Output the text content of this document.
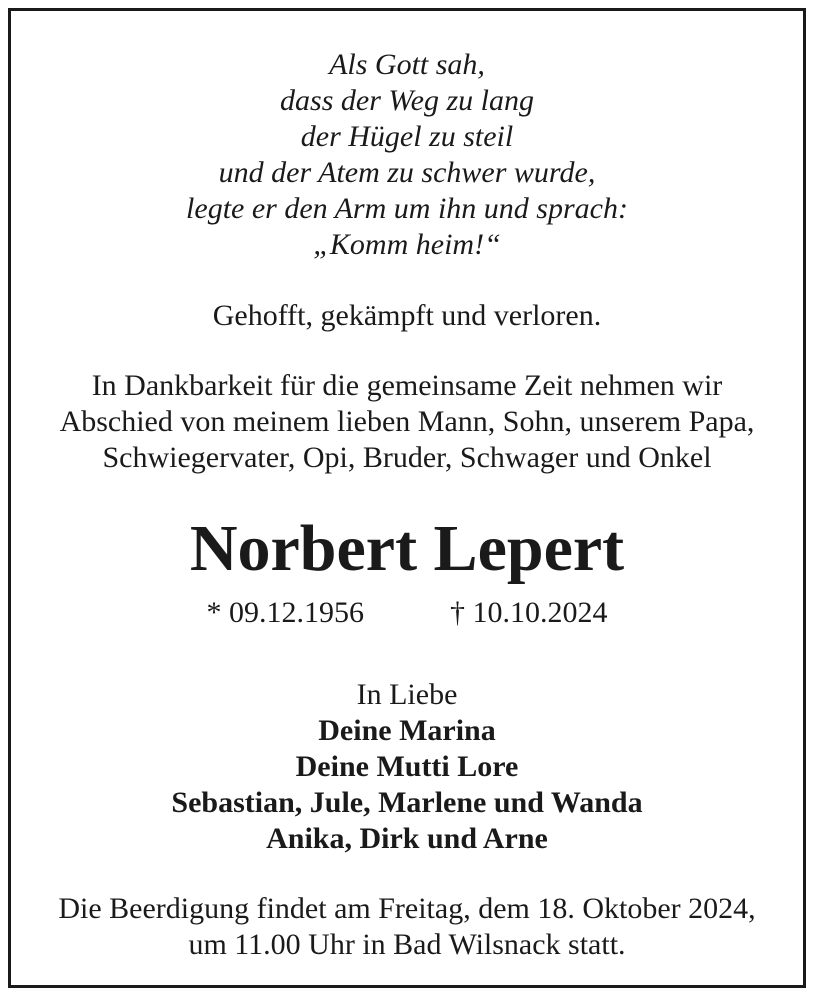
Als Gott sah,
dass der Weg zu lang
der Hügel zu steil
und der Atem zu schwer wurde,
legte er den Arm um ihn und sprach:
„Komm heim!“
Gehofft, gekämpft und verloren.
In Dankbarkeit für die gemeinsame Zeit nehmen wir
Abschied von meinem lieben Mann, Sohn, unserem Papa,
Schwiegervater, Opi, Bruder, Schwager und Onkel
Norbert Lepert
* 09.12.1956	† 10.10.2024
In Liebe
Deine Marina
Deine Mutti Lore
Sebastian, Jule, Marlene und Wanda
Anika, Dirk und Arne
Die Beerdigung findet am Freitag, dem 18. Oktober 2024,
um 11.00 Uhr in Bad Wilsnack statt.
